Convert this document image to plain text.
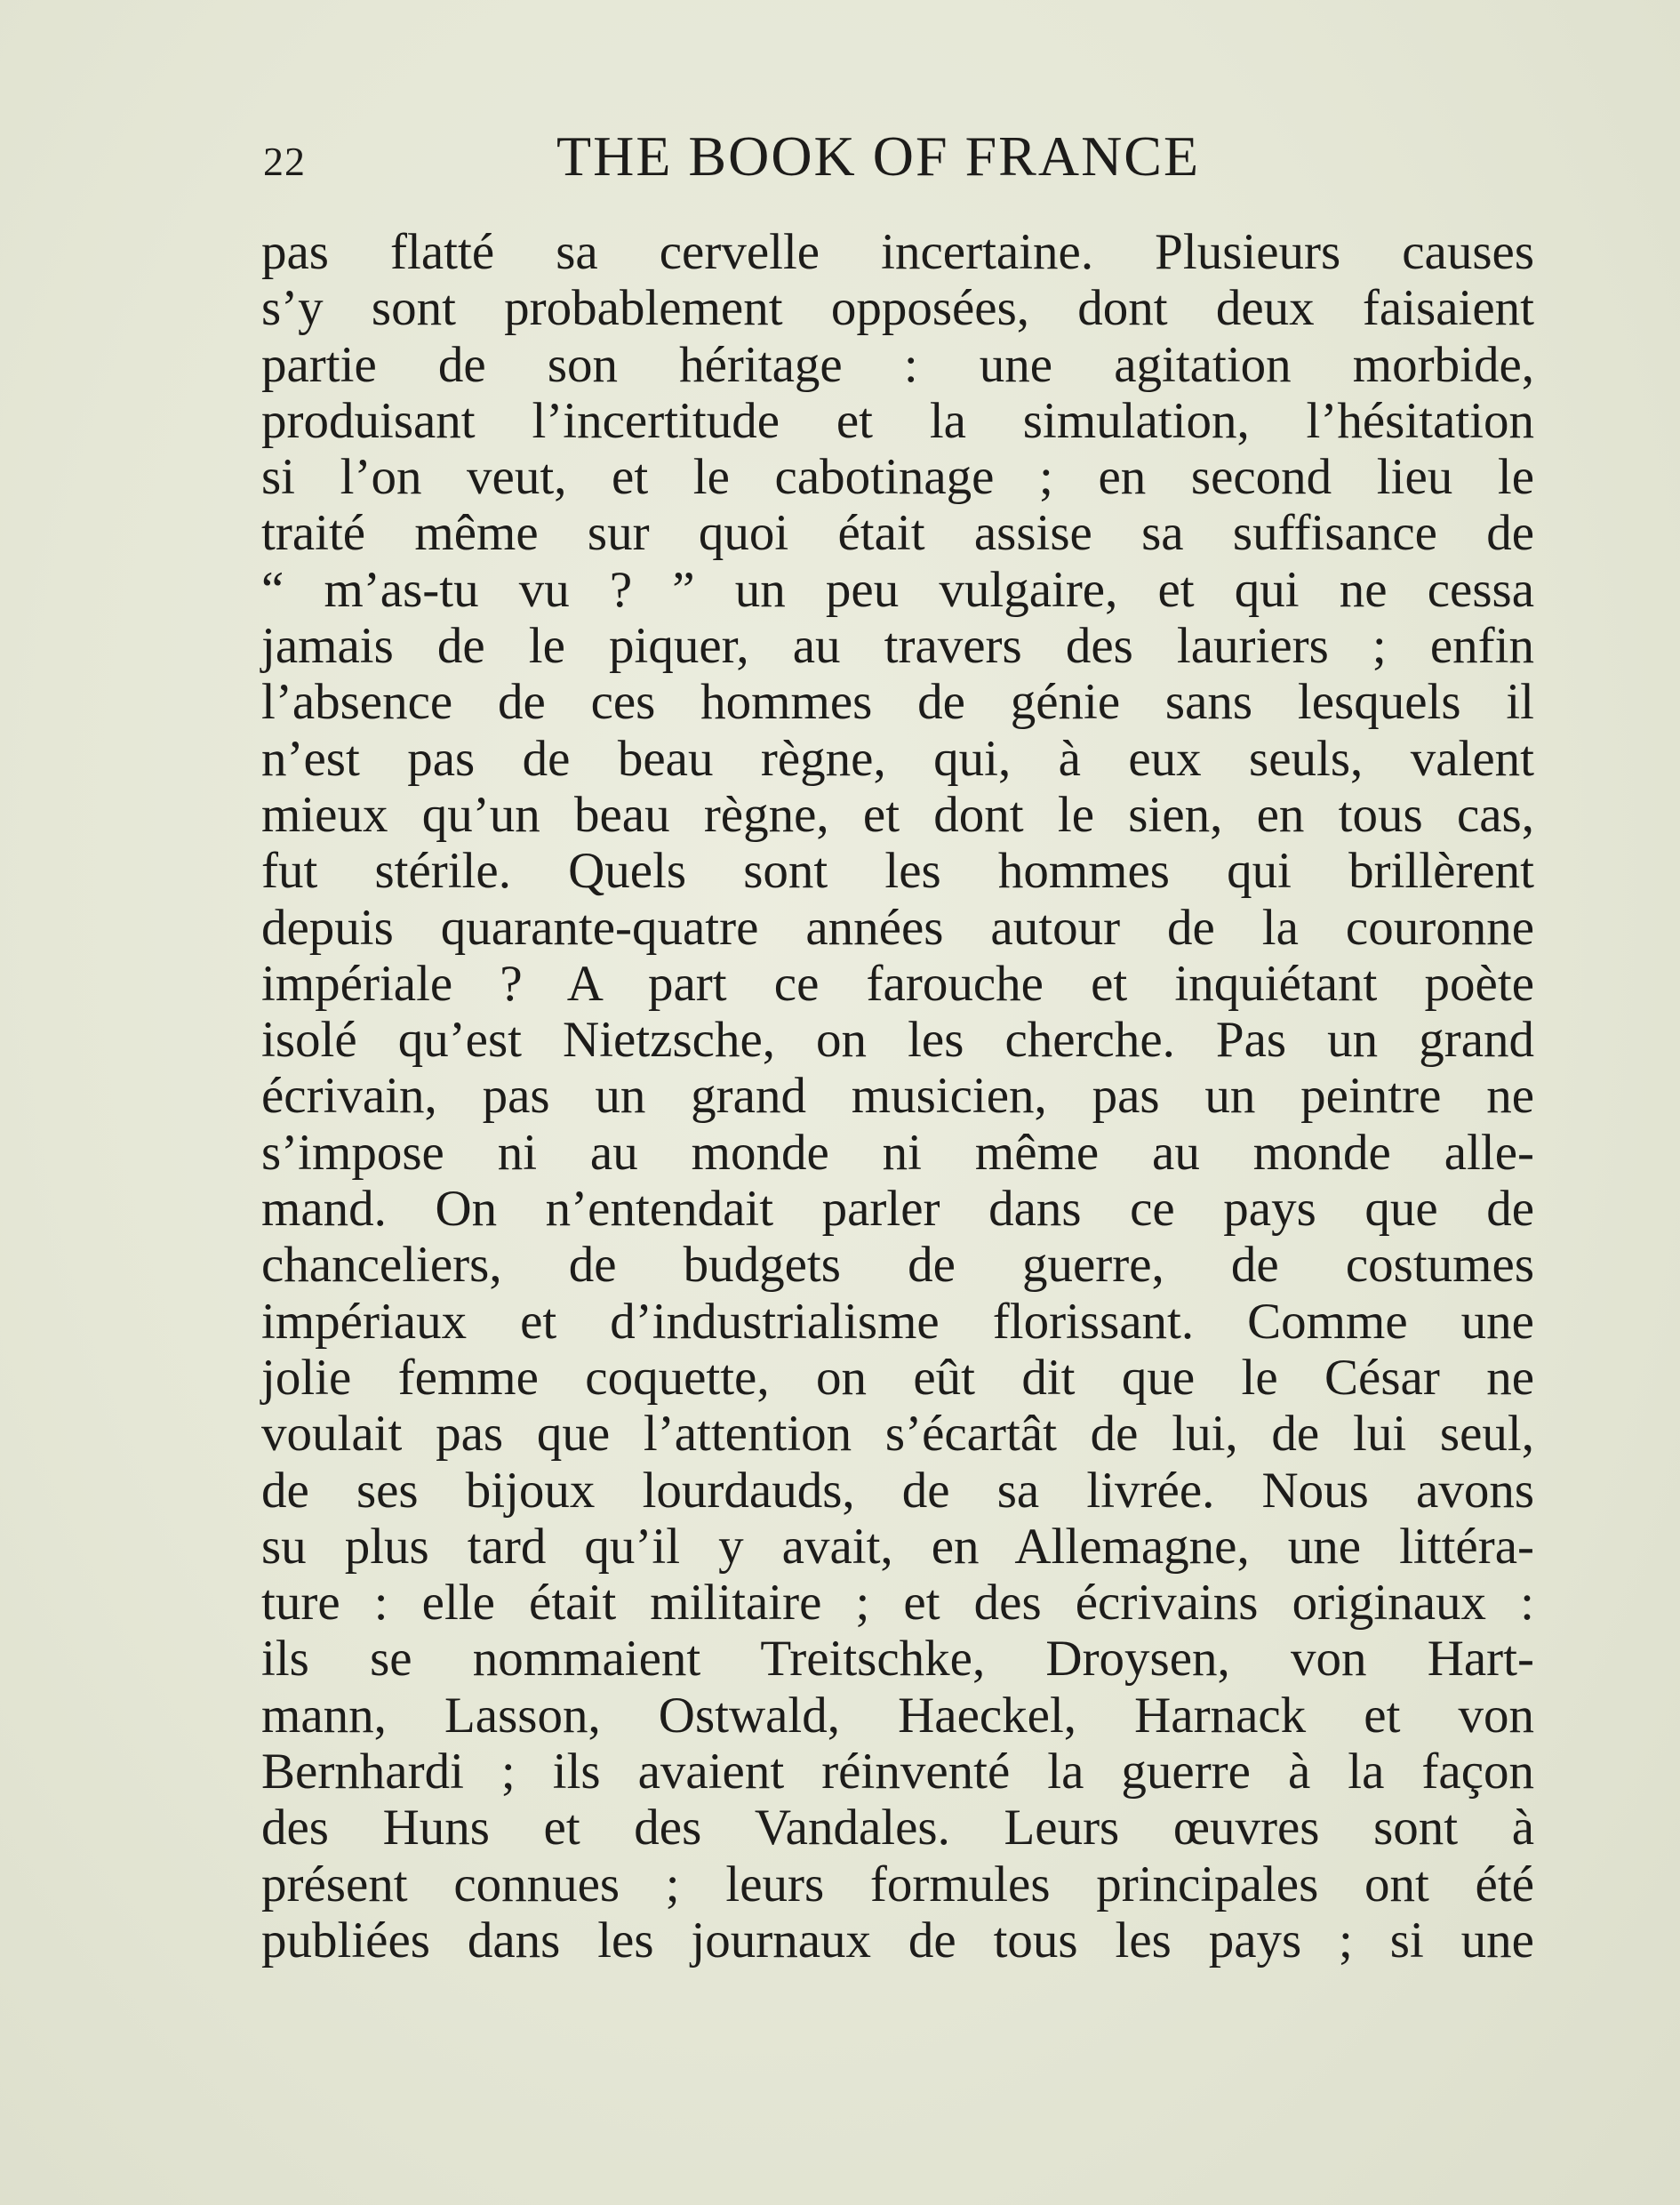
22	THE BOOK OF FRANCE
pas flatté sa cervelle incertaine. Plusieurs causes
s’y sont probablement opposées, dont deux faisaient
partie de son héritage : une agitation morbide,
produisant l’incertitude et la simulation, l’hésitation
si l’on veut, et le cabotinage ; en second lieu le
traité même sur quoi était assise sa suffisance de
“ m’as-tu vu ? ” un peu vulgaire, et qui ne cessa
jamais de le piquer, au travers des lauriers ; enfin
l’absence de ces hommes de génie sans lesquels il
n’est pas de beau règne, qui, à eux seuls, valent
mieux qu’un beau règne, et dont le sien, en tous cas,
fut stérile. Quels sont les hommes qui brillèrent
depuis quarante-quatre années autour de la couronne
impériale ? A part ce farouche et inquiétant poète
isolé qu’est Nietzsche, on les cherche. Pas un grand
écrivain, pas un grand musicien, pas un peintre ne
s’impose ni au monde ni même au monde alle-
mand. On n’entendait parler dans ce pays que de
chanceliers, de budgets de guerre, de costumes
impériaux et d’industrialisme florissant. Comme une
jolie femme coquette, on eût dit que le César ne
voulait pas que l’attention s’écartât de lui, de lui seul,
de ses bijoux lourdauds, de sa livrée. Nous avons
su plus tard qu’il y avait, en Allemagne, une littéra-
ture : elle était militaire ; et des écrivains originaux :
ils se nommaient Treitschke, Droysen, von Hart-
mann, Lasson, Ostwald, Haeckel, Harnack et von
Bernhardi ; ils avaient réinventé la guerre à la façon
des Huns et des Vandales. Leurs œuvres sont à
présent connues ; leurs formules principales ont été
publiées dans les journaux de tous les pays ; si une
